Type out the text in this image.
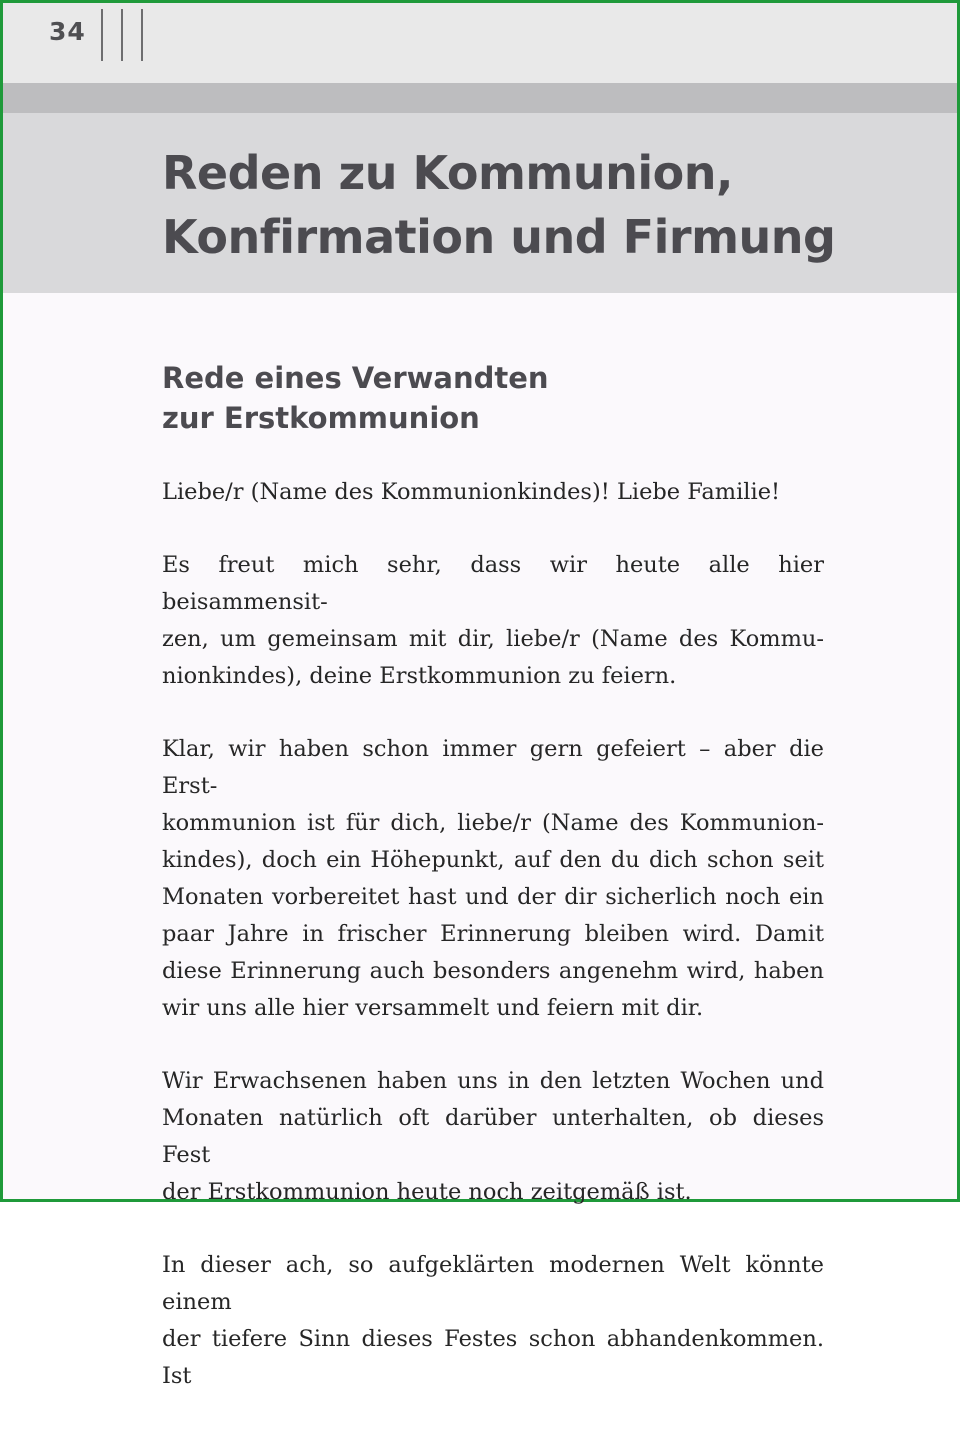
34
Reden zu Kommunion,
Konfirmation und Firmung
Rede eines Verwandten
zur Erstkommunion

Liebe/r (Name des Kommunionkindes)! Liebe Familie!

Es freut mich sehr, dass wir heute alle hier beisammensit-
zen, um gemeinsam mit dir, liebe/r (Name des Kommu-
nionkindes), deine Erstkommunion zu feiern.

Klar, wir haben schon immer gern gefeiert – aber die Erst-
kommunion ist für dich, liebe/r (Name des Kommunion-
kindes), doch ein Höhepunkt, auf den du dich schon seit
Monaten vorbereitet hast und der dir sicherlich noch ein
paar Jahre in frischer Erinnerung bleiben wird. Damit
diese Erinnerung auch besonders angenehm wird, haben
wir uns alle hier versammelt und feiern mit dir.

Wir Erwachsenen haben uns in den letzten Wochen und
Monaten natürlich oft darüber unterhalten, ob dieses Fest
der Erstkommunion heute noch zeitgemäß ist.

In dieser ach, so aufgeklärten modernen Welt könnte einem
der tiefere Sinn dieses Festes schon abhandenkommen. Ist
